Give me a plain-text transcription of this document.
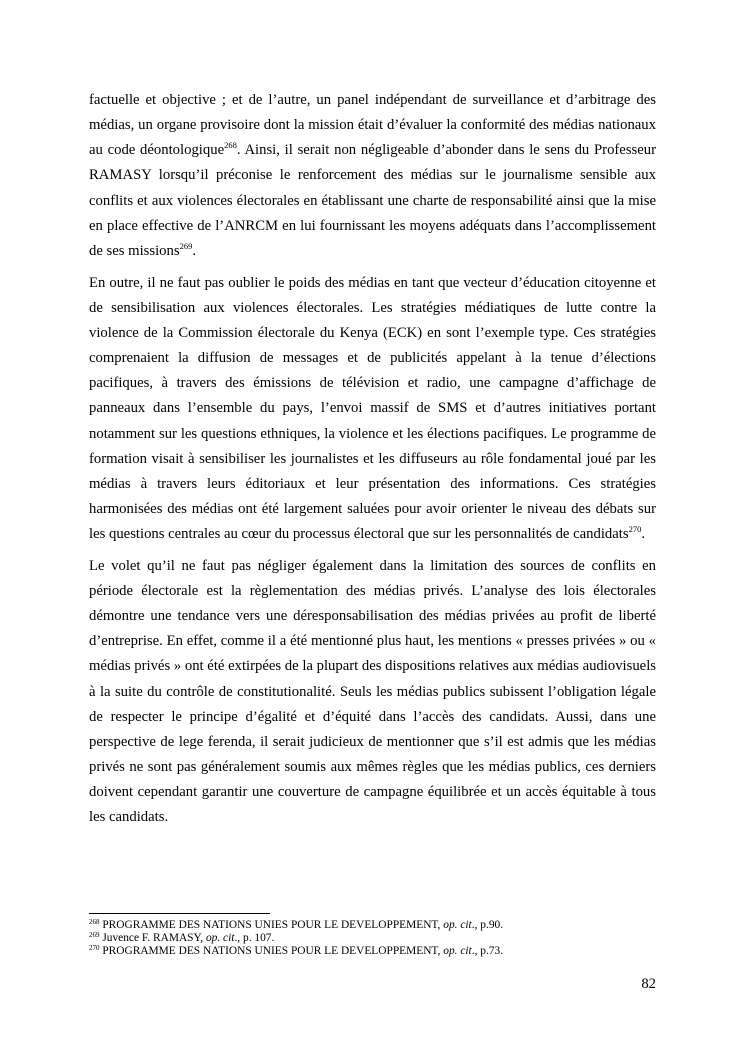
factuelle et objective ; et de l’autre, un panel indépendant de surveillance et d’arbitrage des médias, un organe provisoire dont la mission était d’évaluer la conformité des médias nationaux au code déontologique$^{268}$. Ainsi, il serait non négligeable d’abonder dans le sens du Professeur RAMASY lorsqu’il préconise le renforcement des médias sur le journalisme sensible aux conflits et aux violences électorales en établissant une charte de responsabilité ainsi que la mise en place effective de l’ANRCM en lui fournissant les moyens adéquats dans l’accomplissement de ses missions$^{269}$.

En outre, il ne faut pas oublier le poids des médias en tant que vecteur d’éducation citoyenne et de sensibilisation aux violences électorales. Les stratégies médiatiques de lutte contre la violence de la Commission électorale du Kenya (ECK) en sont l’exemple type. Ces stratégies comprenaient la diffusion de messages et de publicités appelant à la tenue d’élections pacifiques, à travers des émissions de télévision et radio, une campagne d’affichage de panneaux dans l’ensemble du pays, l’envoi massif de SMS et d’autres initiatives portant notamment sur les questions ethniques, la violence et les élections pacifiques. Le programme de formation visait à sensibiliser les journalistes et les diffuseurs au rôle fondamental joué par les médias à travers leurs éditoriaux et leur présentation des informations. Ces stratégies harmonisées des médias ont été largement saluées pour avoir orienter le niveau des débats sur les questions centrales au cœur du processus électoral que sur les personnalités de candidats$^{270}$.

Le volet qu’il ne faut pas négliger également dans la limitation des sources de conflits en période électorale est la règlementation des médias privés. L’analyse des lois électorales démontre une tendance vers une déresponsabilisation des médias privées au profit de liberté d’entreprise. En effet, comme il a été mentionné plus haut, les mentions « presses privées » ou « médias privés » ont été extirpées de la plupart des dispositions relatives aux médias audiovisuels à la suite du contrôle de constitutionalité. Seuls les médias publics subissent l’obligation légale de respecter le principe d’égalité et d’équité dans l’accès des candidats. Aussi, dans une perspective de lege ferenda, il serait judicieux de mentionner que s’il est admis que les médias privés ne sont pas généralement soumis aux mêmes règles que les médias publics, ces derniers doivent cependant garantir une couverture de campagne équilibrée et un accès équitable à tous les candidats.

$^{268}$ PROGRAMME DES NATIONS UNIES POUR LE DEVELOPPEMENT, op. cit., p.90.

$^{269}$ Juvence F. RAMASY, op. cit., p. 107.

$^{270}$ PROGRAMME DES NATIONS UNIES POUR LE DEVELOPPEMENT, op. cit., p.73.

82
